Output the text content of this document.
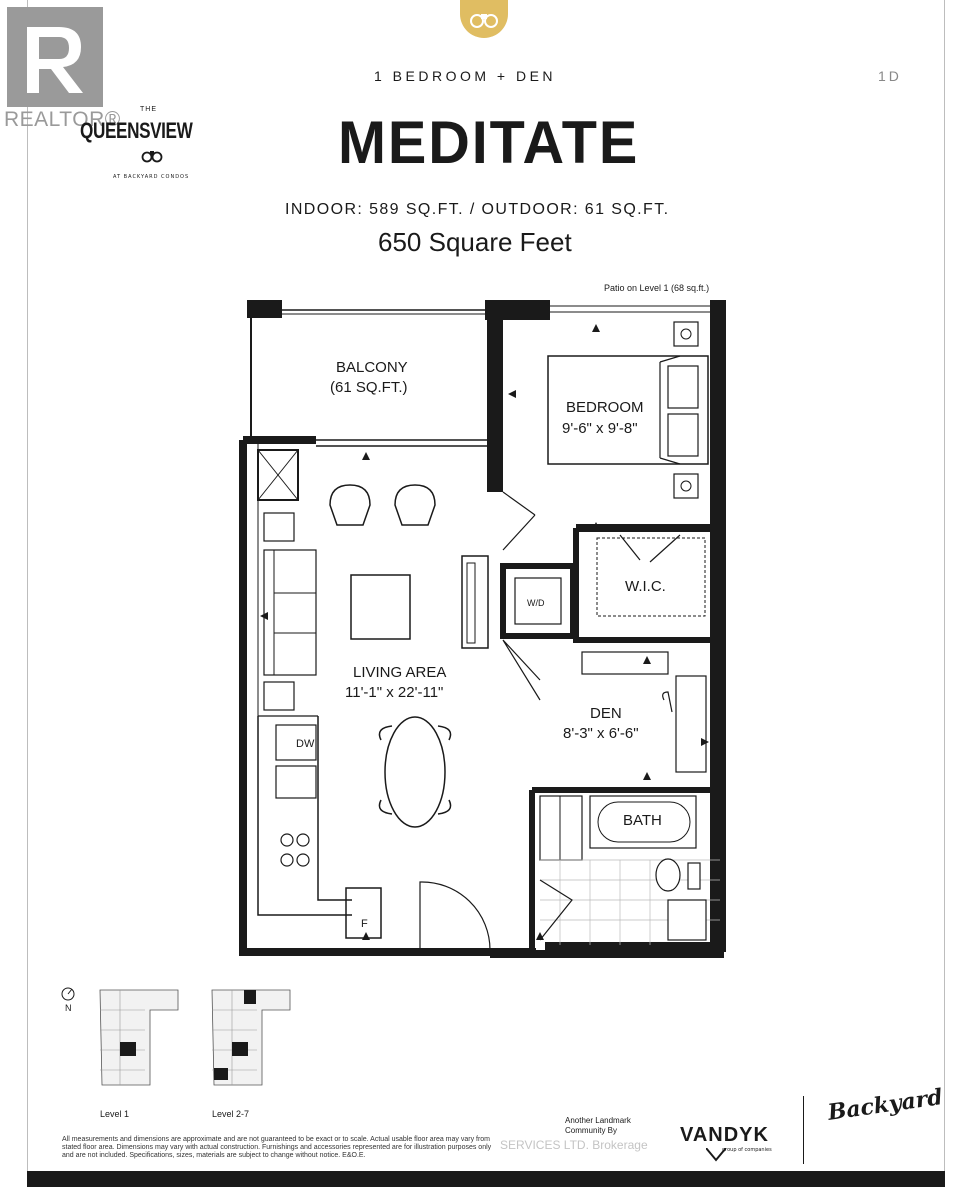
REALTOR®	THE
QUEENSVIEW
AT BACKYARD CONDOS
1 BEDROOM + DEN	1D
MEDITATE
INDOOR: 589 SQ.FT. / OUTDOOR: 61 SQ.FT.
650 Square Feet
Patio on Level 1 (68 sq.ft.)
BALCONY
(61 SQ.FT.)
BEDROOM
9'-6" x 9'-8"
W.I.C.
W/D
LIVING AREA
11'-1" x 22'-11"
DEN
8'-3" x 6'-6"
BATH
DW
F
N
Level 1	Level 2-7
All measurements and dimensions are approximate and are not guaranteed to be exact or to scale. Actual usable floor area may vary from stated floor area. Dimensions may vary with actual construction. Furnishings and accessories represented are for illustration purposes only and are not included. Specifications, sizes, materials are subject to change without notice. E&O.E.
SERVICES LTD. Brokerage
Another Landmark Community By	VANDYK
group of companies
Backyard
